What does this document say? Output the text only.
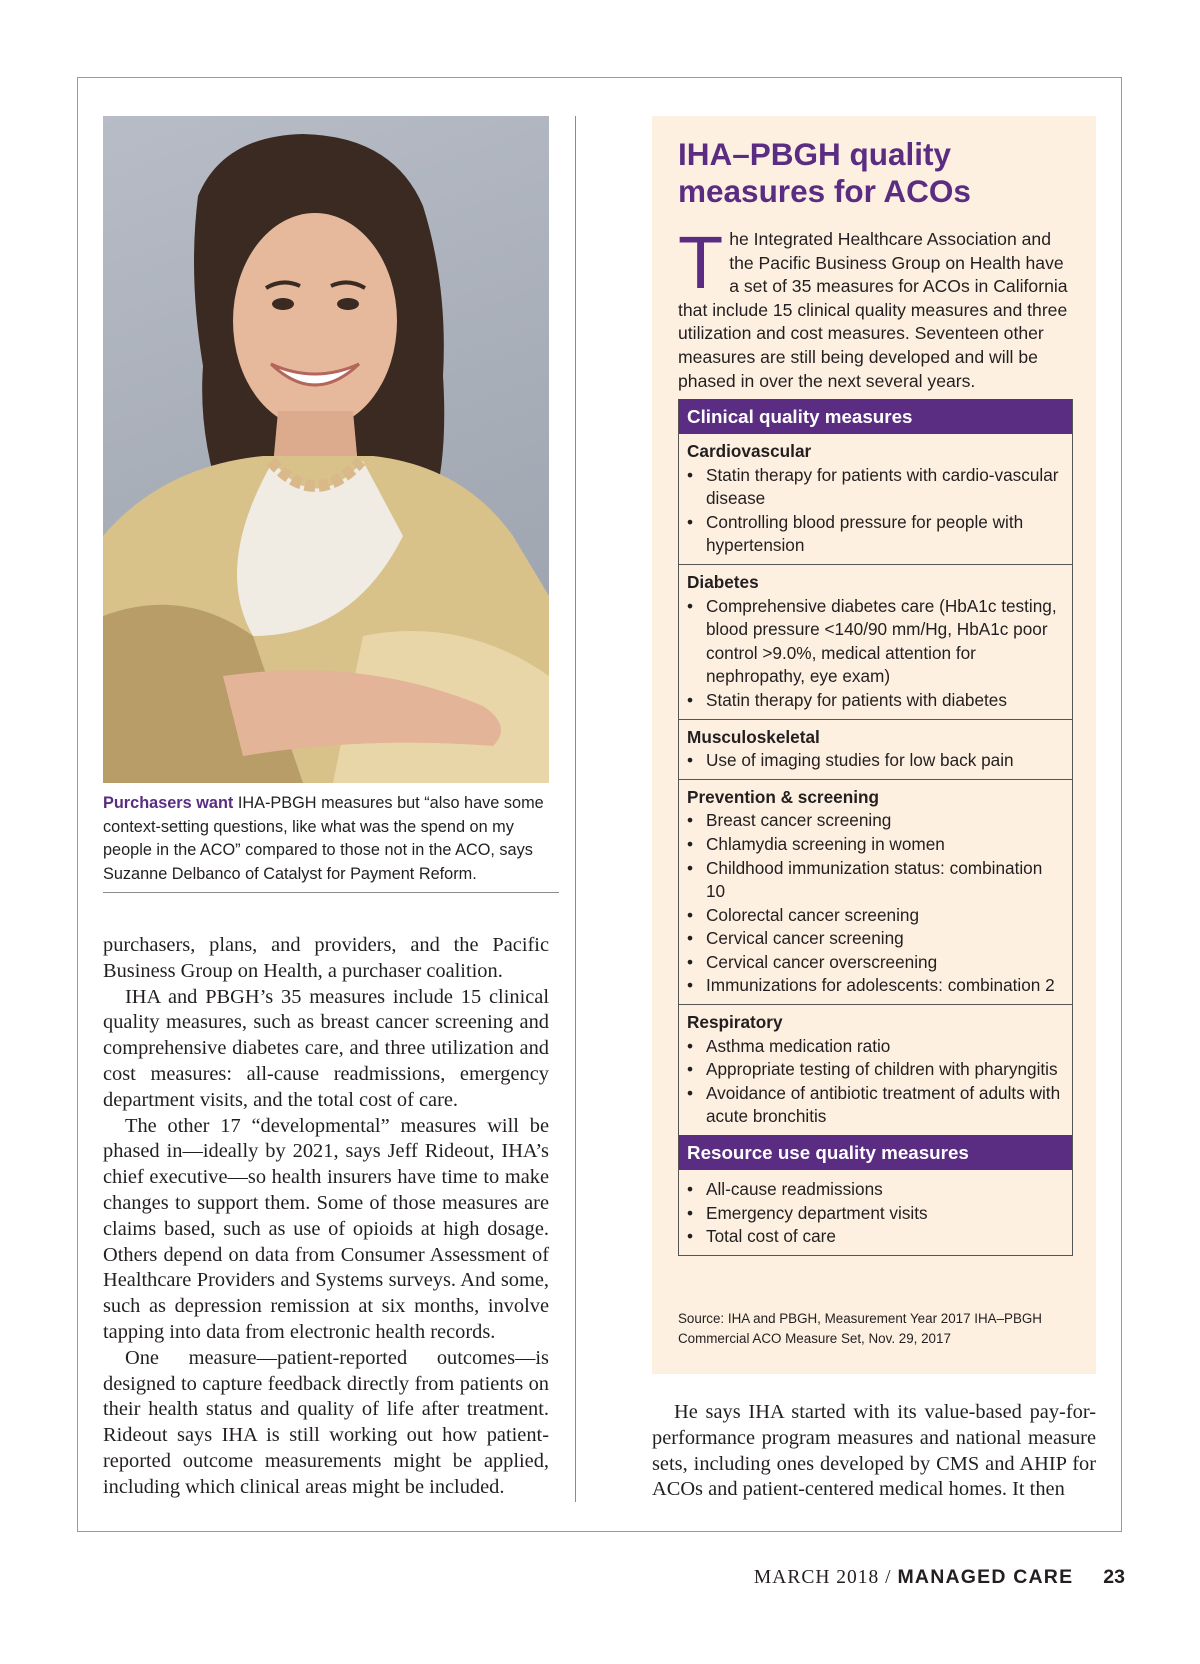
Purchasers want IHA-PBGH measures but “also have some context-setting questions, like what was the spend on my people in the ACO” compared to those not in the ACO, says Suzanne Delbanco of Catalyst for Payment Reform.

purchasers, plans, and providers, and the Pacific Business Group on Health, a purchaser coalition.

IHA and PBGH’s 35 measures include 15 clinical quality measures, such as breast cancer screening and comprehensive diabetes care, and three utilization and cost measures: all-cause readmissions, emergency department visits, and the total cost of care.

The other 17 “developmental” measures will be phased in—ideally by 2021, says Jeff Rideout, IHA’s chief executive—so health insurers have time to make changes to support them. Some of those measures are claims based, such as use of opioids at high dosage. Others depend on data from Consumer Assessment of Healthcare Providers and Systems surveys. And some, such as depression remission at six months, involve tapping into data from electronic health records.

One measure—patient-reported outcomes—is designed to capture feedback directly from patients on their health status and quality of life after treatment. Rideout says IHA is still working out how patient-reported outcome measurements might be applied, including which clinical areas might be included.

IHA–PBGH quality measures for ACOs

The Integrated Healthcare Association and the Pacific Business Group on Health have a set of 35 measures for ACOs in California that include 15 clinical quality measures and three utilization and cost measures. Seventeen other measures are still being developed and will be phased in over the next several years.

Clinical quality measures
Cardiovascular
• Statin therapy for patients with cardio-vascular disease
• Controlling blood pressure for people with hypertension
Diabetes
• Comprehensive diabetes care (HbA1c testing, blood pressure <140/90 mm/Hg, HbA1c poor control >9.0%, medical attention for nephropathy, eye exam)
• Statin therapy for patients with diabetes
Musculoskeletal
• Use of imaging studies for low back pain
Prevention & screening
• Breast cancer screening
• Chlamydia screening in women
• Childhood immunization status: combination 10
• Colorectal cancer screening
• Cervical cancer screening
• Cervical cancer overscreening
• Immunizations for adolescents: combination 2
Respiratory
• Asthma medication ratio
• Appropriate testing of children with pharyngitis
• Avoidance of antibiotic treatment of adults with acute bronchitis
Resource use quality measures
• All-cause readmissions
• Emergency department visits
• Total cost of care

Source: IHA and PBGH, Measurement Year 2017 IHA–PBGH Commercial ACO Measure Set, Nov. 29, 2017

He says IHA started with its value-based pay-for-performance program measures and national measure sets, including ones developed by CMS and AHIP for ACOs and patient-centered medical homes. It then

MARCH 2018 / MANAGED CARE 23
